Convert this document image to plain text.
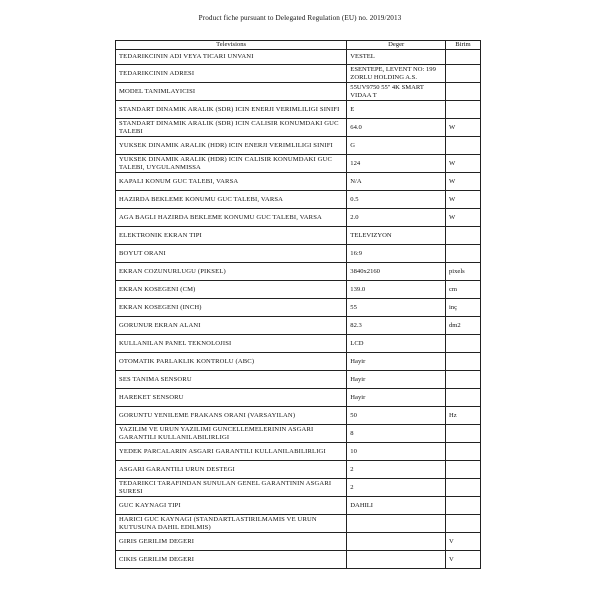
Product fiche pursuant to Delegated Regulation (EU) no. 2019/2013
Televisions	Deger	Birim
TEDARIKCININ ADI VEYA TICARI UNVANI	VESTEL	
TEDARIKCININ ADRESI	ESENTEPE, LEVENT NO: 199 ZORLU HOLDING A.S.	
MODEL TANIMLAYICISI	55UV9750 55'' 4K SMART VIDAA T	
STANDART DINAMIK ARALIK (SDR) ICIN ENERJI VERIMLILIGI SINIFI	E	
STANDART DINAMIK ARALIK (SDR) ICIN CALISIR KONUMDAKI GUC TALEBI	64.0	W
YUKSEK DINAMIK ARALIK (HDR) ICIN ENERJI VERIMLILIGI SINIFI	G	
YUKSEK DINAMIK ARALIK (HDR) ICIN CALISIR KONUMDAKI GUC TALEBI, UYGULANMISSA	124	W
KAPALI KONUM GUC TALEBI, VARSA	N/A	W
HAZIRDA BEKLEME KONUMU GUC TALEBI, VARSA	0.5	W
AGA BAGLI HAZIRDA BEKLEME KONUMU GUC TALEBI, VARSA	2.0	W
ELEKTRONIK EKRAN TIPI	TELEVIZYON	
BOYUT ORANI	16:9	
EKRAN COZUNURLUGU (PIKSEL)	3840x2160	pixels
EKRAN KOSEGENI (CM)	139.0	cm
EKRAN KOSEGENI (INCH)	55	inç
GORUNUR EKRAN ALANI	82.3	dm2
KULLANILAN PANEL TEKNOLOJISI	LCD	
OTOMATIK PARLAKLIK KONTROLU (ABC)	Hayir	
SES TANIMA SENSORU	Hayir	
HAREKET SENSORU	Hayir	
GORUNTU YENILEME FRAKANS ORANI (VARSAYILAN)	50	Hz
YAZILIM VE URUN YAZILIMI GUNCELLEMELERININ ASGARI GARANTILI KULLANILABILIRLIGI	8	
YEDEK PARCALARIN ASGARI GARANTILI KULLANILABILIRLIGI	10	
ASGARI GARANTILI URUN DESTEGI	2	
TEDARIKCI TARAFINDAN SUNULAN GENEL GARANTININ ASGARI SURESI	2	
GUC KAYNAGI TIPI	DAHILI	
HARICI GUC KAYNAGI (STANDARTLASTIRILMAMIS VE URUN KUTUSUNA DAHIL EDILMIS)		
GIRIS GERILIM DEGERI		V
CIKIS GERILIM DEGERI		V
